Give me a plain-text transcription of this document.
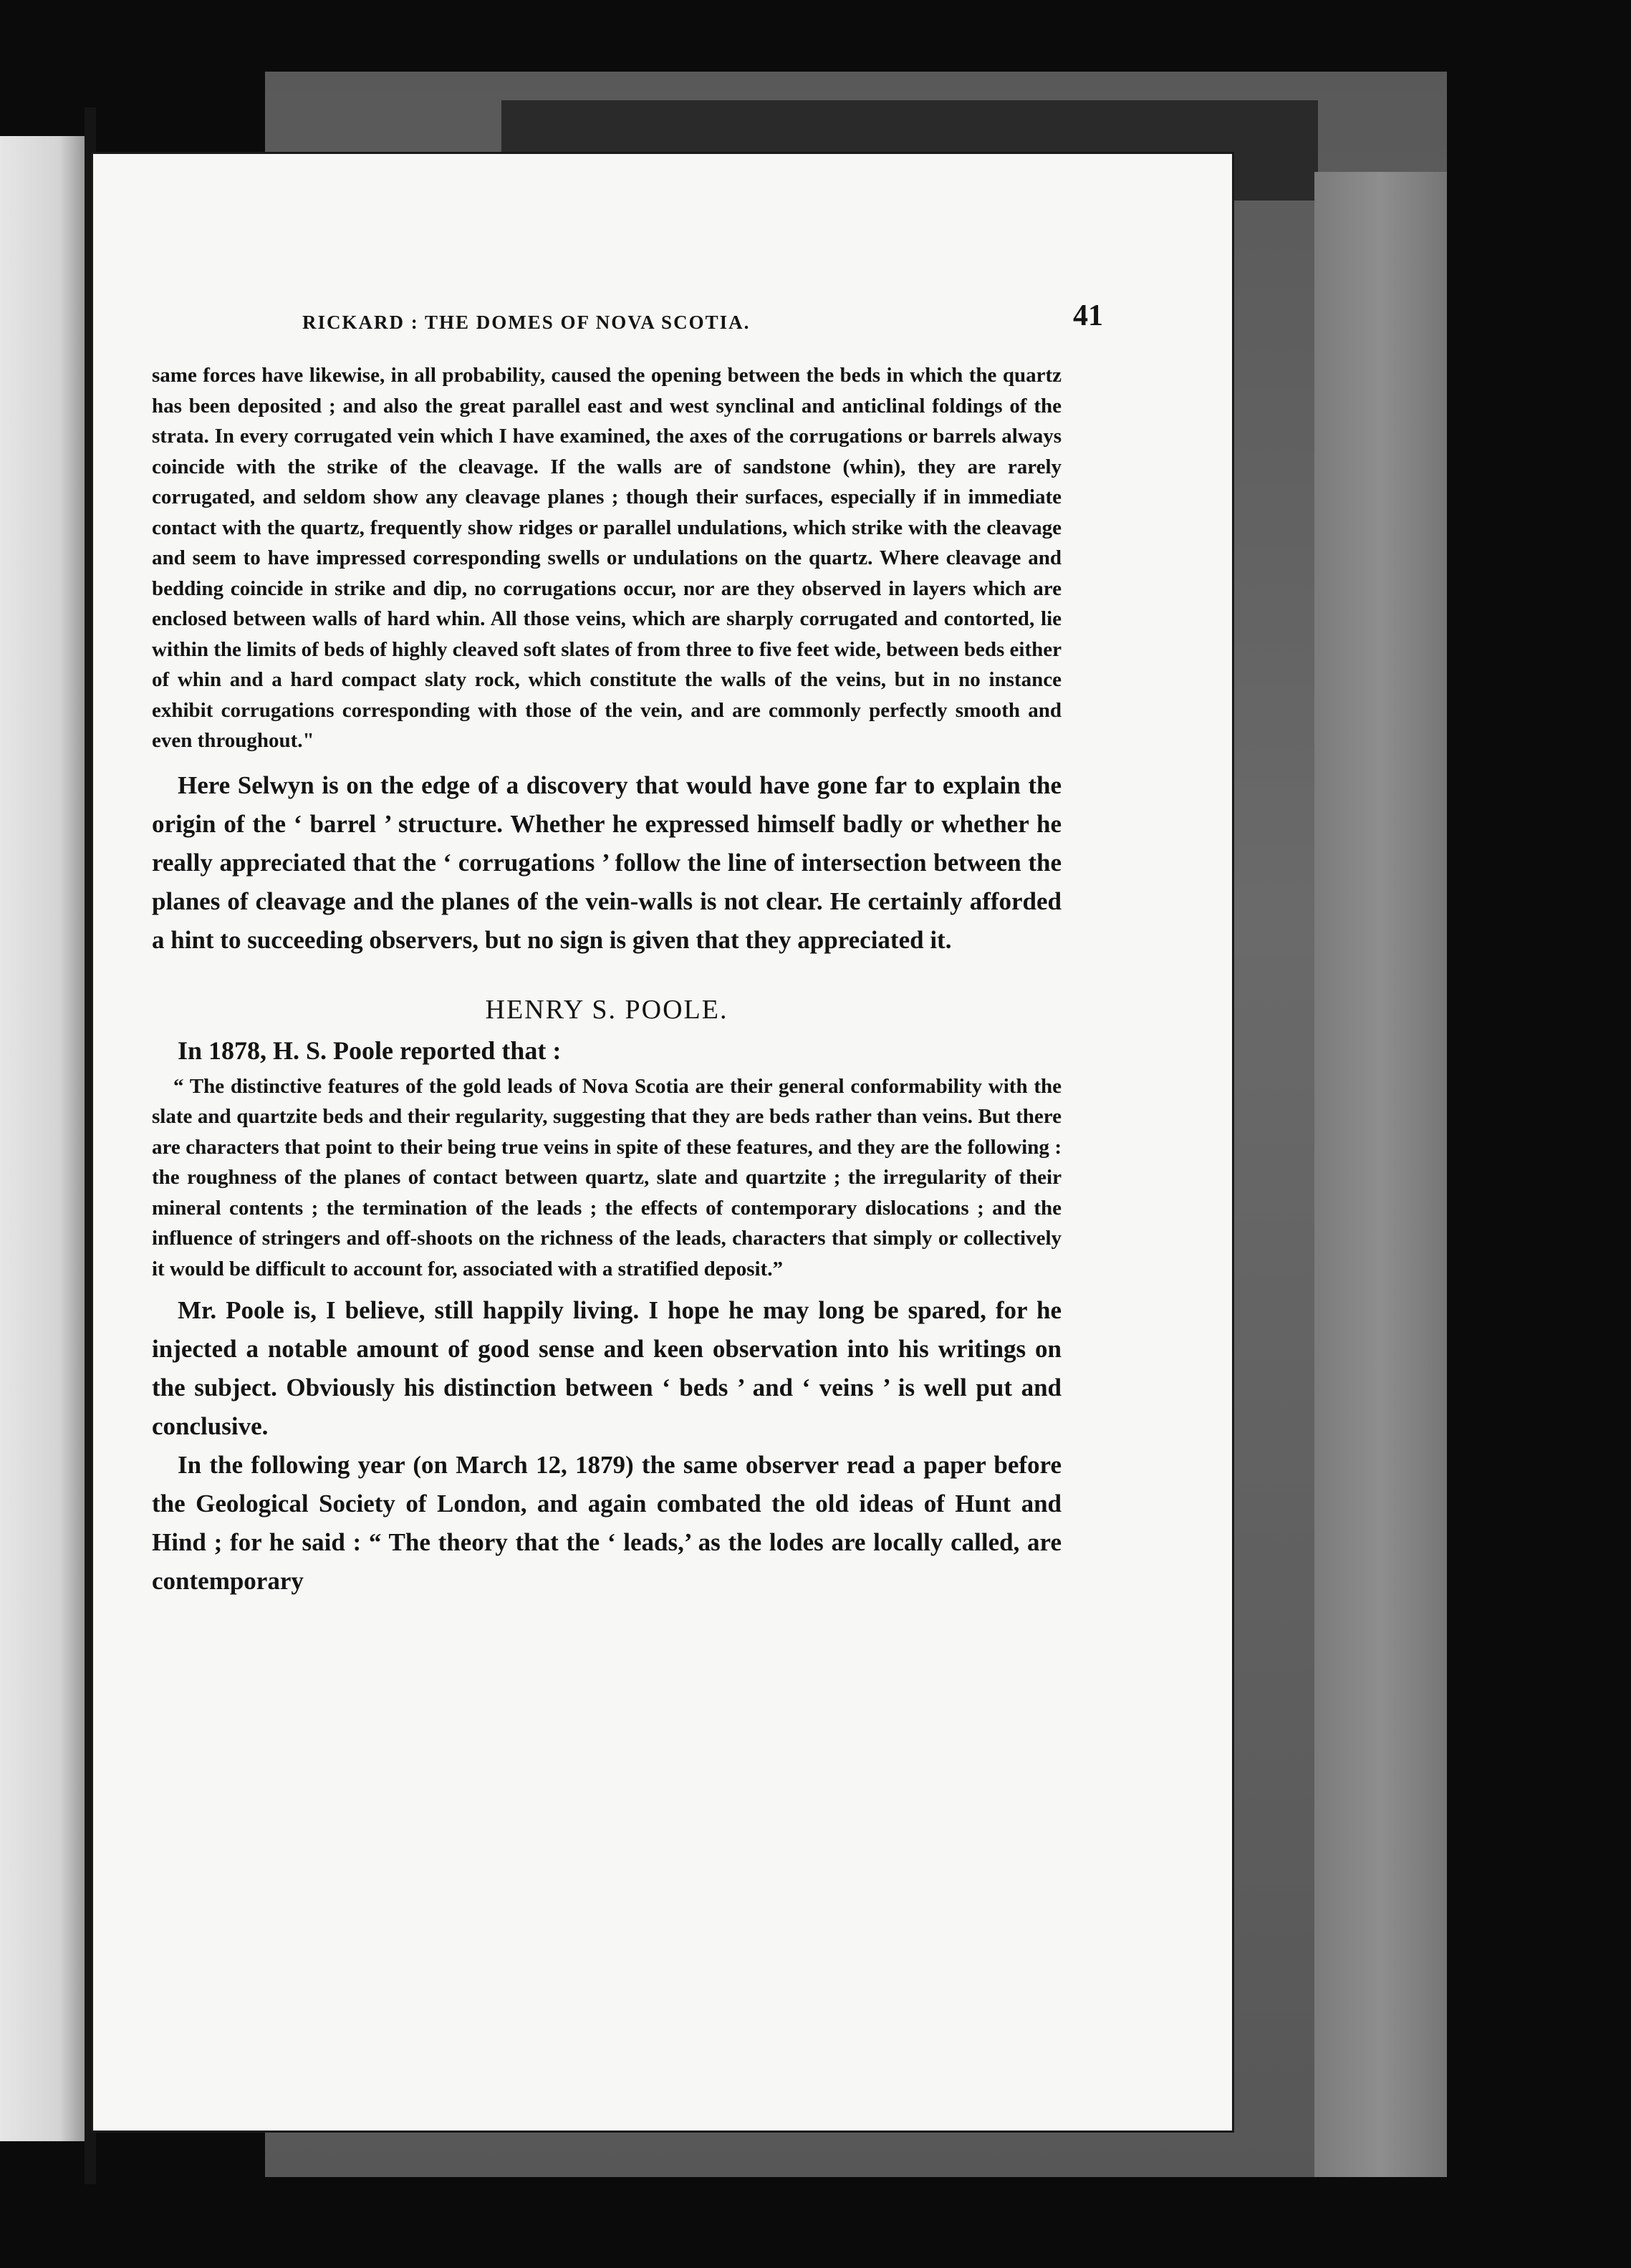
RICKARD : THE DOMES OF NOVA SCOTIA.	41

same forces have likewise, in all probability, caused the opening between the beds in which the quartz has been deposited ; and also the great parallel east and west synclinal and anticlinal foldings of the strata. In every corrugated vein which I have examined, the axes of the corrugations or barrels always coincide with the strike of the cleavage. If the walls are of sandstone (whin), they are rarely corrugated, and seldom show any cleavage planes ; though their surfaces, especially if in immediate contact with the quartz, frequently show ridges or parallel undulations, which strike with the cleavage and seem to have impressed corresponding swells or undulations on the quartz. Where cleavage and bedding coincide in strike and dip, no corrugations occur, nor are they observed in layers which are enclosed between walls of hard whin. All those veins, which are sharply corrugated and contorted, lie within the limits of beds of highly cleaved soft slates of from three to five feet wide, between beds either of whin and a hard compact slaty rock, which constitute the walls of the veins, but in no instance exhibit corrugations corresponding with those of the vein, and are commonly perfectly smooth and even throughout."

Here Selwyn is on the edge of a discovery that would have gone far to explain the origin of the ‘ barrel ’ structure. Whether he expressed himself badly or whether he really appreciated that the ‘ corrugations ’ follow the line of intersection between the planes of cleavage and the planes of the vein-walls is not clear. He certainly afforded a hint to succeeding observers, but no sign is given that they appreciated it.

HENRY S. POOLE.
In 1878, H. S. Poole reported that :

“ The distinctive features of the gold leads of Nova Scotia are their general conformability with the slate and quartzite beds and their regularity, suggesting that they are beds rather than veins. But there are characters that point to their being true veins in spite of these features, and they are the following : the roughness of the planes of contact between quartz, slate and quartzite ; the irregularity of their mineral contents ; the termination of the leads ; the effects of contemporary dislocations ; and the influence of stringers and off-shoots on the richness of the leads, characters that simply or collectively it would be difficult to account for, associated with a stratified deposit.”

Mr. Poole is, I believe, still happily living. I hope he may long be spared, for he injected a notable amount of good sense and keen observation into his writings on the subject. Obviously his distinction between ‘ beds ’ and ‘ veins ’ is well put and conclusive.

In the following year (on March 12, 1879) the same observer read a paper before the Geological Society of London, and again combated the old ideas of Hunt and Hind ; for he said : “ The theory that the ‘ leads,’ as the lodes are locally called, are contemporary
